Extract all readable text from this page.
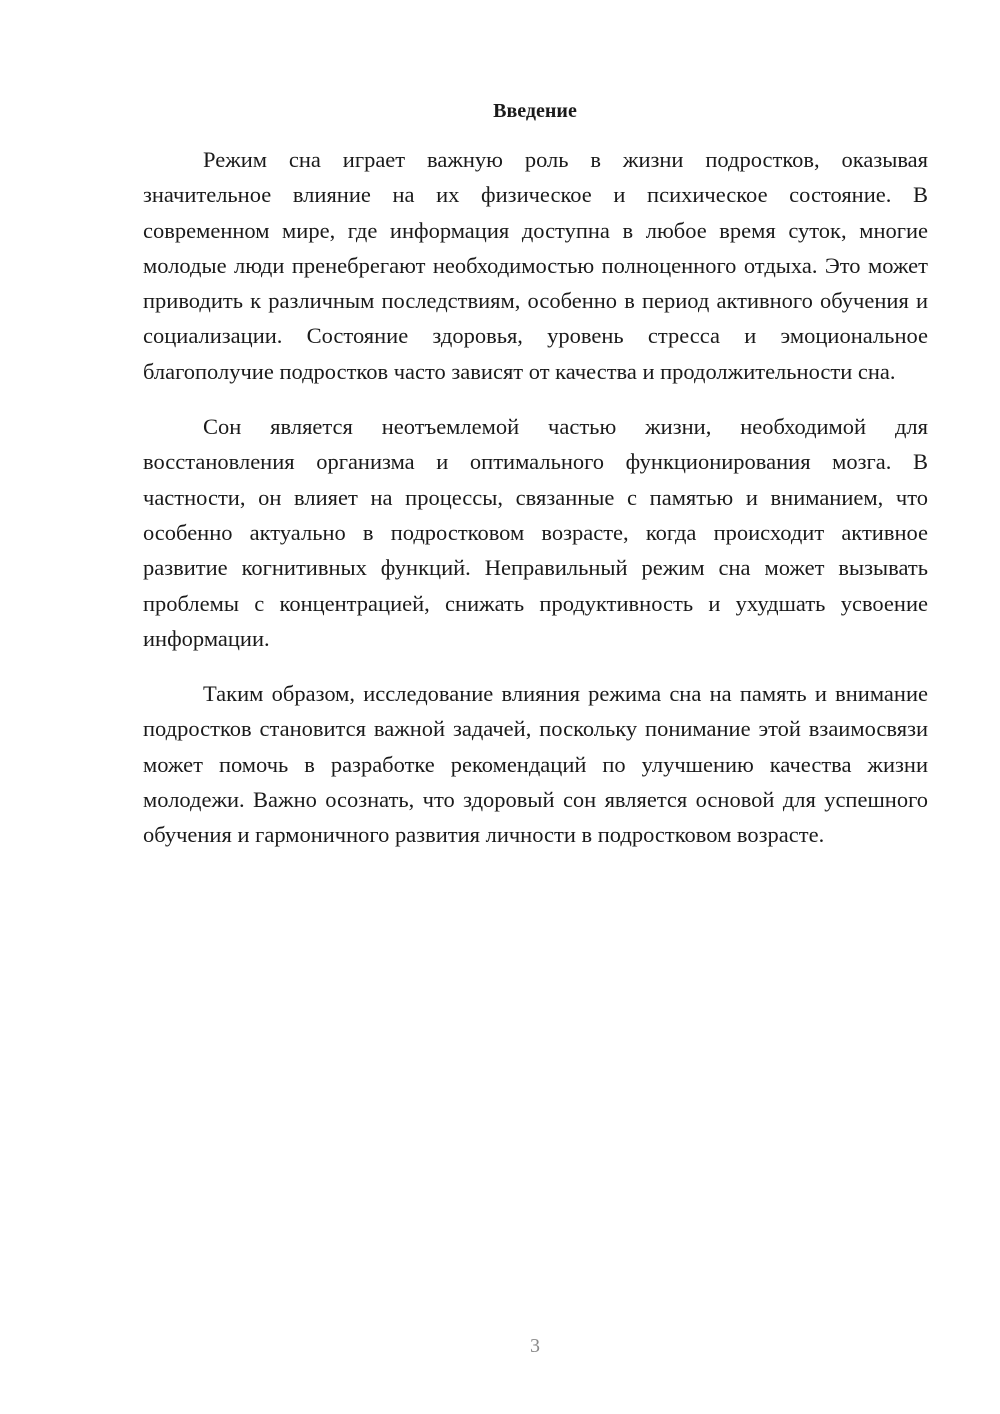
Введение

Режим сна играет важную роль в жизни подростков, оказывая значительное влияние на их физическое и психическое состояние. В современном мире, где информация доступна в любое время суток, многие молодые люди пренебрегают необходимостью полноценного отдыха. Это может приводить к различным последствиям, особенно в период активного обучения и социализации. Состояние здоровья, уровень стресса и эмоциональное благополучие подростков часто зависят от качества и продолжительности сна.

Сон является неотъемлемой частью жизни, необходимой для восстановления организма и оптимального функционирования мозга. В частности, он влияет на процессы, связанные с памятью и вниманием, что особенно актуально в подростковом возрасте, когда происходит активное развитие когнитивных функций. Неправильный режим сна может вызывать проблемы с концентрацией, снижать продуктивность и ухудшать усвоение информации.

Таким образом, исследование влияния режима сна на память и внимание подростков становится важной задачей, поскольку понимание этой взаимосвязи может помочь в разработке рекомендаций по улучшению качества жизни молодежи. Важно осознать, что здоровый сон является основой для успешного обучения и гармоничного развития личности в подростковом возрасте.

3
